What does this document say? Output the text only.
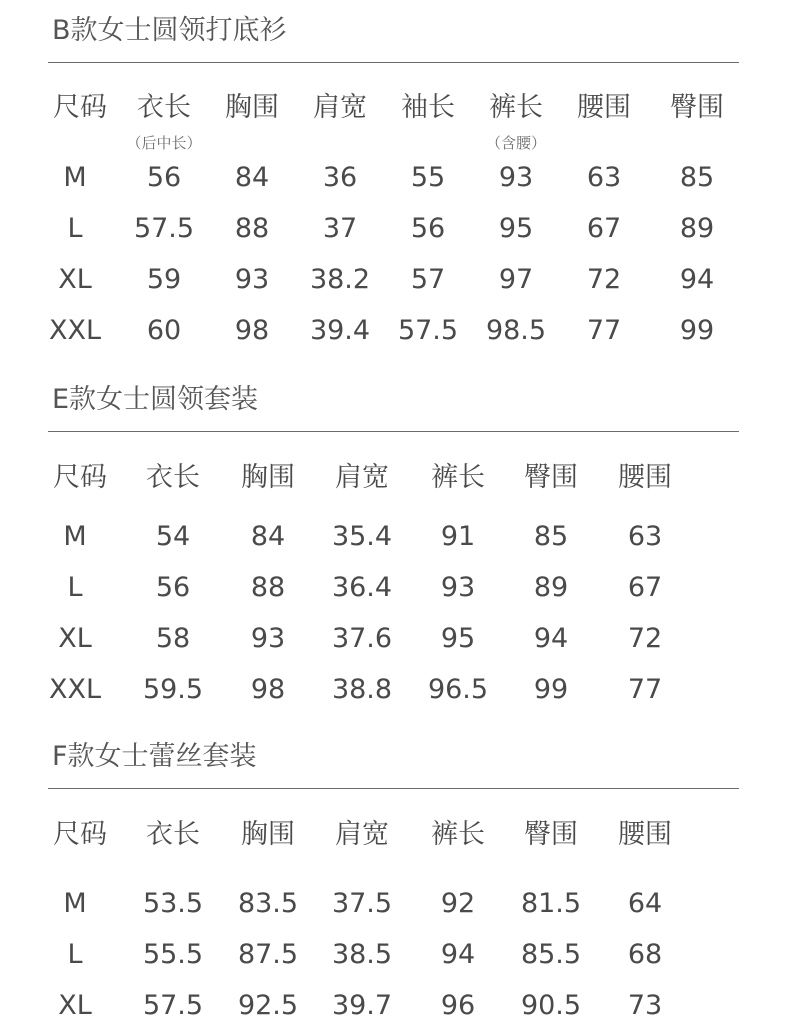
B款女士圆领打底衫
尺码 衣长 胸围 肩宽 袖长 裤长 腰围 臀围
（后中长）	（含腰）
M 56 84 36 55 93 63 85
L 57.5 88 37 56 95 67 89
XL 59 93 38.2 57 97 72 94
XXL 60 98 39.4 57.5 98.5 77 99
E款女士圆领套装
尺码 衣长 胸围 肩宽 裤长 臀围 腰围
M	54 84 35.4 91 85 63
L	56 88 36.4 93 89 67
XL 58 93 37.6 95 94 72
XXL 59.5 98 38.8 96.5 99 77
F款女士蕾丝套装
尺码 衣长 胸围 肩宽 裤长 臀围 腰围
M 53.5 83.5 37.5 92 81.5 64
L 55.5 87.5 38.5 94 85.5 68
XL 57.5 92.5 39.7 96 90.5 73
